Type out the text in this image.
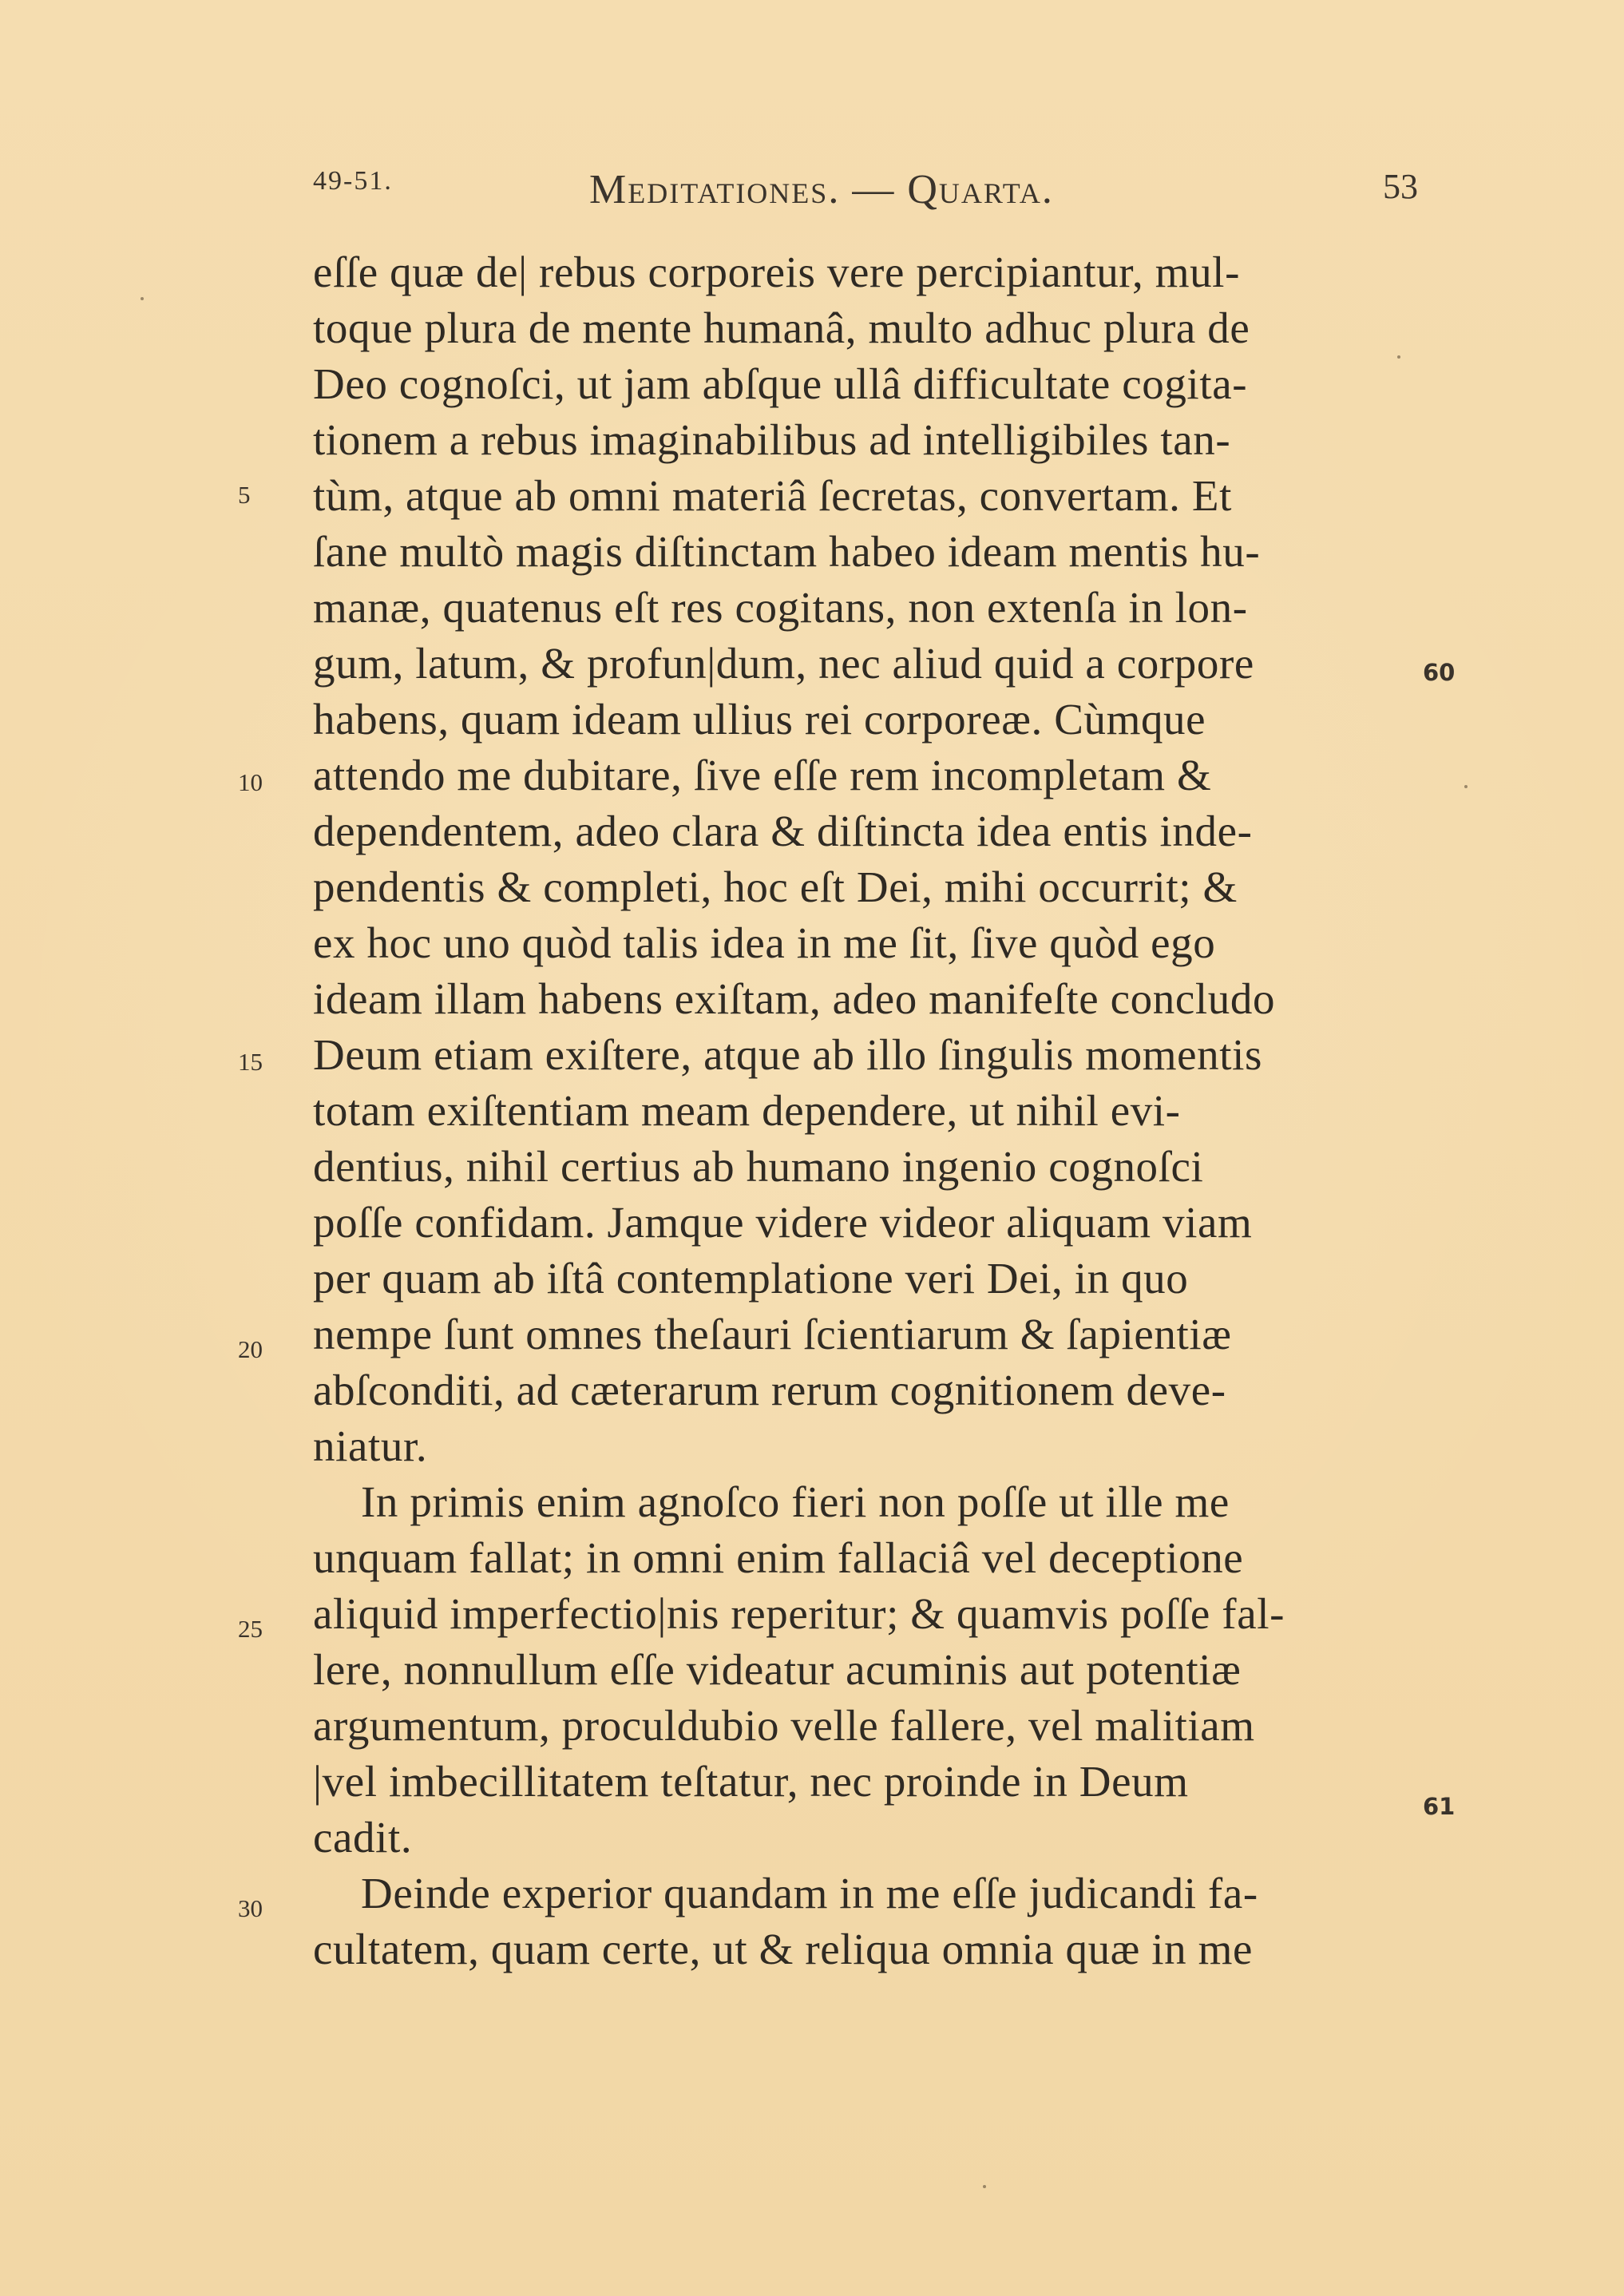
49-51.	Meditationes. — Quarta.	53
eſſe quæ de| rebus corporeis vere percipiantur, mul-
toque plura de mente humanâ, multo adhuc plura de
Deo cognoſci, ut jam abſque ullâ difficultate cogita-
tionem a rebus imaginabilibus ad intelligibiles tan-
tùm, atque ab omni materiâ ſecretas, convertam. Et
ſane multò magis diſtinctam habeo ideam mentis hu-
manæ, quatenus eſt res cogitans, non extenſa in lon-
gum, latum, & profun|dum, nec aliud quid a corpore
habens, quam ideam ullius rei corporeæ. Cùmque
attendo me dubitare, ſive eſſe rem incompletam &
dependentem, adeo clara & diſtincta idea entis inde-
pendentis & completi, hoc eſt Dei, mihi occurrit; &
ex hoc uno quòd talis idea in me ſit, ſive quòd ego
ideam illam habens exiſtam, adeo manifeſte concludo
Deum etiam exiſtere, atque ab illo ſingulis momentis
totam exiſtentiam meam dependere, ut nihil evi-
dentius, nihil certius ab humano ingenio cognoſci
poſſe confidam. Jamque videre videor aliquam viam
per quam ab iſtâ contemplatione veri Dei, in quo
nempe ſunt omnes theſauri ſcientiarum & ſapientiæ
abſconditi, ad cæterarum rerum cognitionem deve-
niatur.
In primis enim agnoſco fieri non poſſe ut ille me
unquam fallat; in omni enim fallaciâ vel deceptione
aliquid imperfectio|nis reperitur; & quamvis poſſe fal-
lere, nonnullum eſſe videatur acuminis aut potentiæ
argumentum, proculdubio velle fallere, vel malitiam
|vel imbecillitatem teſtatur, nec proinde in Deum
cadit.
Deinde experior quandam in me eſſe judicandi fa-
cultatem, quam certe, ut & reliqua omnia quæ in me
5
10
15
20
25
30
60
61
